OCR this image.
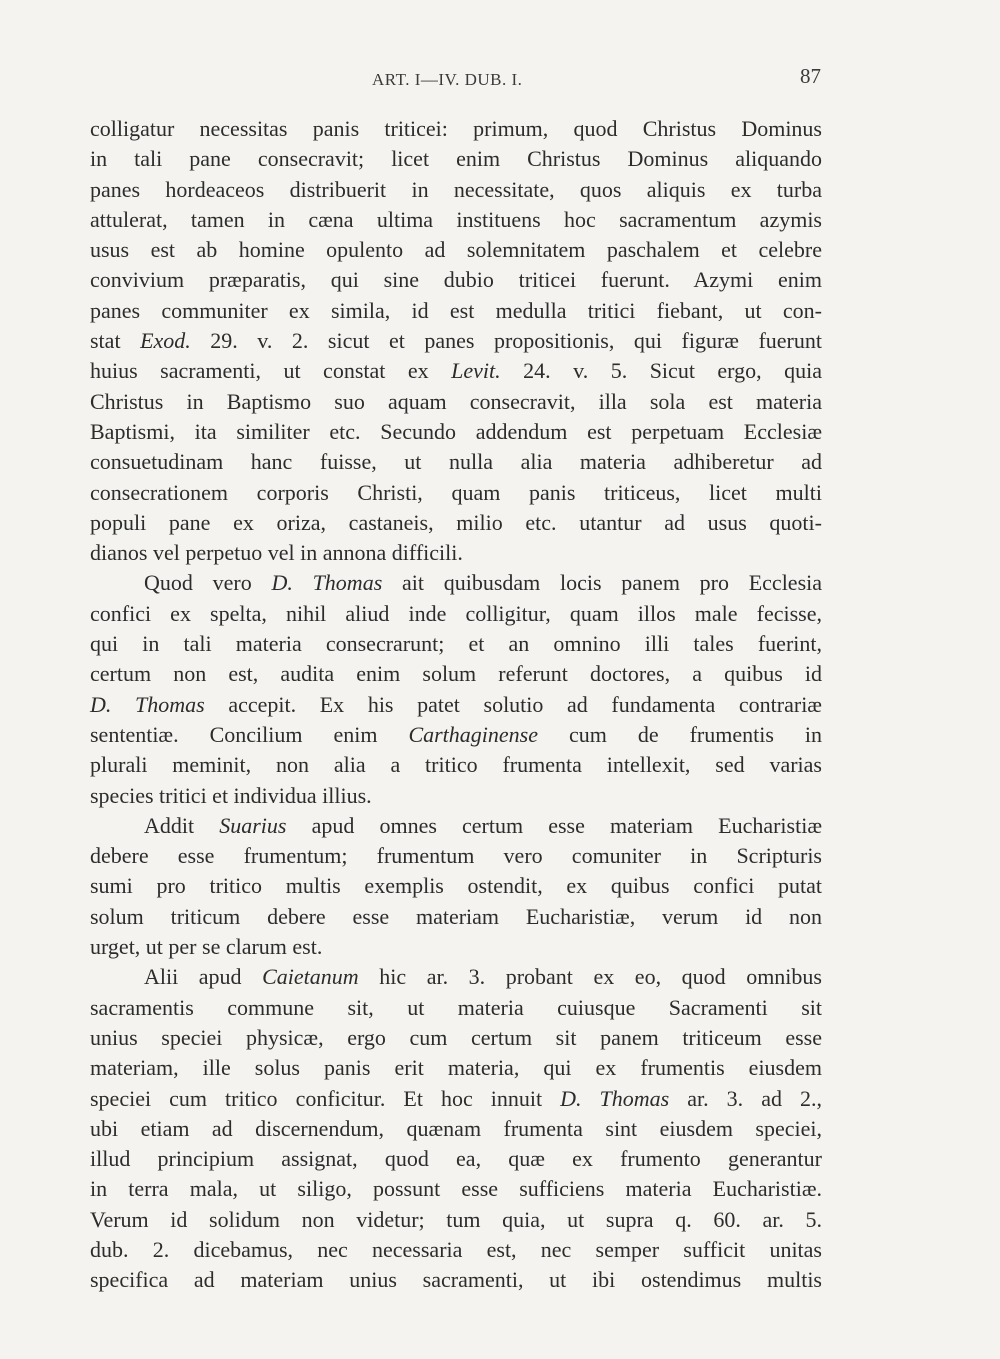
ART. I—IV. DUB. I.	87
colligatur necessitas panis triticei: primum, quod Christus Dominus
in tali pane consecravit; licet enim Christus Dominus aliquando
panes hordeaceos distribuerit in necessitate, quos aliquis ex turba
attulerat, tamen in cæna ultima instituens hoc sacramentum azymis
usus est ab homine opulento ad solemnitatem paschalem et celebre
convivium præparatis, qui sine dubio triticei fuerunt. Azymi enim
panes communiter ex simila, id est medulla tritici fiebant, ut con-
stat Exod. 29. v. 2. sicut et panes propositionis, qui figuræ fuerunt
huius sacramenti, ut constat ex Levit. 24. v. 5. Sicut ergo, quia
Christus in Baptismo suo aquam consecravit, illa sola est materia
Baptismi, ita similiter etc. Secundo addendum est perpetuam Ecclesiæ
consuetudinam hanc fuisse, ut nulla alia materia adhiberetur ad
consecrationem corporis Christi, quam panis triticeus, licet multi
populi pane ex oriza, castaneis, milio etc. utantur ad usus quoti-
dianos vel perpetuo vel in annona difficili.
Quod vero D. Thomas ait quibusdam locis panem pro Ecclesia
confici ex spelta, nihil aliud inde colligitur, quam illos male fecisse,
qui in tali materia consecrarunt; et an omnino illi tales fuerint,
certum non est, audita enim solum referunt doctores, a quibus id
D. Thomas accepit. Ex his patet solutio ad fundamenta contrariæ
sententiæ. Concilium enim Carthaginense cum de frumentis in
plurali meminit, non alia a tritico frumenta intellexit, sed varias
species tritici et individua illius.
Addit Suarius apud omnes certum esse materiam Eucharistiæ
debere esse frumentum; frumentum vero comuniter in Scripturis
sumi pro tritico multis exemplis ostendit, ex quibus confici putat
solum triticum debere esse materiam Eucharistiæ, verum id non
urget, ut per se clarum est.
Alii apud Caietanum hic ar. 3. probant ex eo, quod omnibus
sacramentis commune sit, ut materia cuiusque Sacramenti sit
unius speciei physicæ, ergo cum certum sit panem triticeum esse
materiam, ille solus panis erit materia, qui ex frumentis eiusdem
speciei cum tritico conficitur. Et hoc innuit D. Thomas ar. 3. ad 2.,
ubi etiam ad discernendum, quænam frumenta sint eiusdem speciei,
illud principium assignat, quod ea, quæ ex frumento generantur
in terra mala, ut siligo, possunt esse sufficiens materia Eucharistiæ.
Verum id solidum non videtur; tum quia, ut supra q. 60. ar. 5.
dub. 2. dicebamus, nec necessaria est, nec semper sufficit unitas
specifica ad materiam unius sacramenti, ut ibi ostendimus multis
